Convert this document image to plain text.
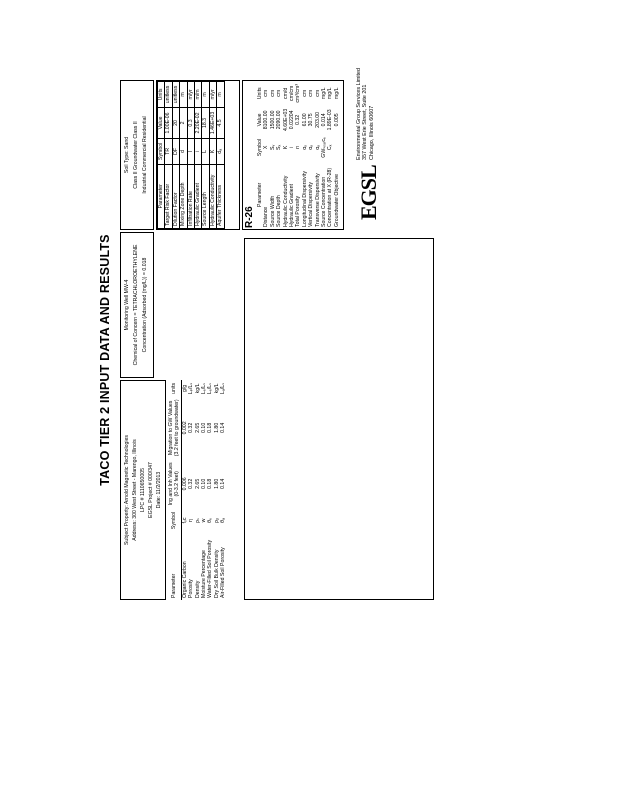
TACO TIER 2 INPUT DATA AND RESULTS
Subject Property: Arnold Magnetic Technologies Address: 300 West Street - Marengo, Illinois LPC # 1110650005 EGSL Project # 000/347 Date: 11/2/2013
Monitoring Well MW-4 Chemical of Concern = TETRACHLOROETHYLENE Concentration (Adsorbed (mg/L)) = 0.018
Soil Type: Sand Class II Groundwater Class II Industrial Commercial Residential
Parameter	Symbol	Ing and Inh Values (0-3.2 feet)	Migration to GW Values (3.2 feet to groundwater)	units
Organic Carbon	fₒc	0.006	0.002	g/g
Porosity	η	0.32	0.32	Lₚ/Lₛ
Density	ρₛ	2.65	2.65	kg/L
Moisture Percentage	w	0.10	0.10	Lₑ/Lₛ
Water-Filled Soil Porosity	θₑ	0.18	0.18	Lₑ/Lₛ
Dry Soil Bulk Density	ρᵦ	1.80	1.80	kg/L
Air-Filled Soil Porosity	θₐ	0.14	0.14	Lₐ/Lₛ
Parameter	Symbol	Value	Units
Target Risk Factor	TR	1.00E-06	unitless
Dilution Factor	DF	20	unitless
Mixing Zone Depth	d	2	m
Infiltration Rate	I	0.3	m/yr
Hydraulic Gradient	i	2.20E-02	m/m
Source Length	L	18.3	m
Hydraulic Conductivity	K	1.46E+03	m/yr
Aquifer Thickness	dₐ	4.5	m
R-26
Parameter	Symbol	Value	Units
Distance	X	8100.00	cm
Source Width	Sᵥ	1500.00	cm
Source Depth	Sₓ	2090.00	cm
Hydraulic Conductivity	K	4.60E+03	cm/d
Hydraulic Gradient	i	0.02204	cm/cm
Total Porosity	n	0.32	cm³/cm³
Longitudinal Dispersivity	αₓ	61.00	cm
Vertical Dispersivity	αᵧ	30.75	cm
Transverse Dispersivity	αᵧ	203.00	cm
Source Concentration	GWₛₒᵤᵣcₑ	0.014	mg/L
Concentration at X (R-28)	Cₓ	1.89E-03	mg/L
Groundwater Objective		0.005	mg/L
EGSL
Environmental Group Services Limited 357 West Erie Street, Suite 201 Chicago, Illinois 60607
